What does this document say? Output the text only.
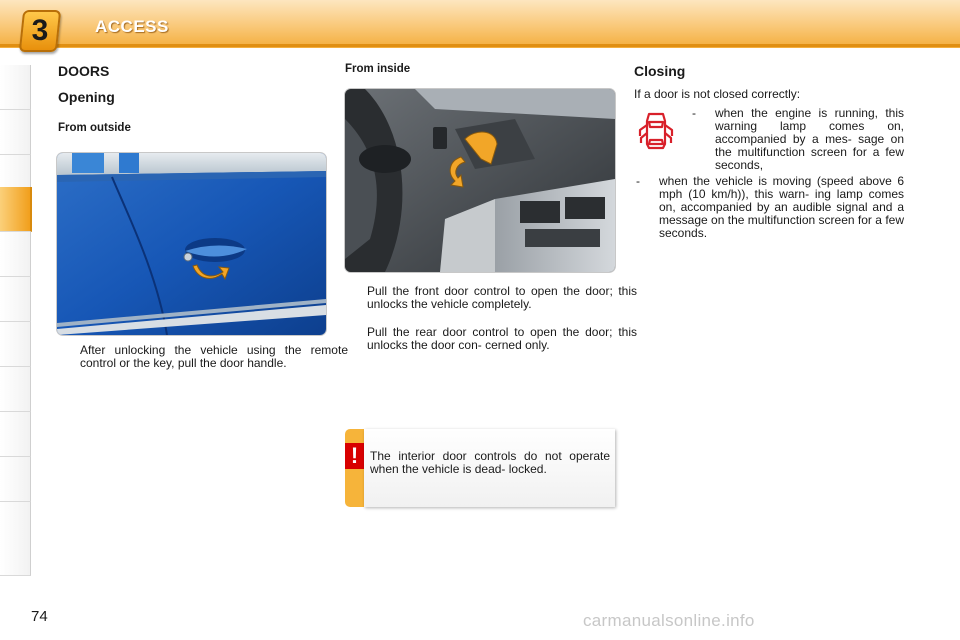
3	ACCESS
DOORS
Opening
From outside
After unlocking the vehicle using the remote control or the key, pull the door handle.
From inside
Pull the front door control to open the door; this unlocks the vehicle completely.
Pull the rear door control to open the door; this unlocks the door con- cerned only.
! The interior door controls do not operate when the vehicle is dead- locked.
Closing
If a door is not closed correctly:
- when the engine is running, this warning lamp comes on, accompanied by a mes- sage on the multifunction screen for a few seconds,
- when the vehicle is moving (speed above 6 mph (10 km/h)), this warn- ing lamp comes on, accompanied by an audible signal and a message on the multifunction screen for a few seconds.
74	carmanualsonline.info
